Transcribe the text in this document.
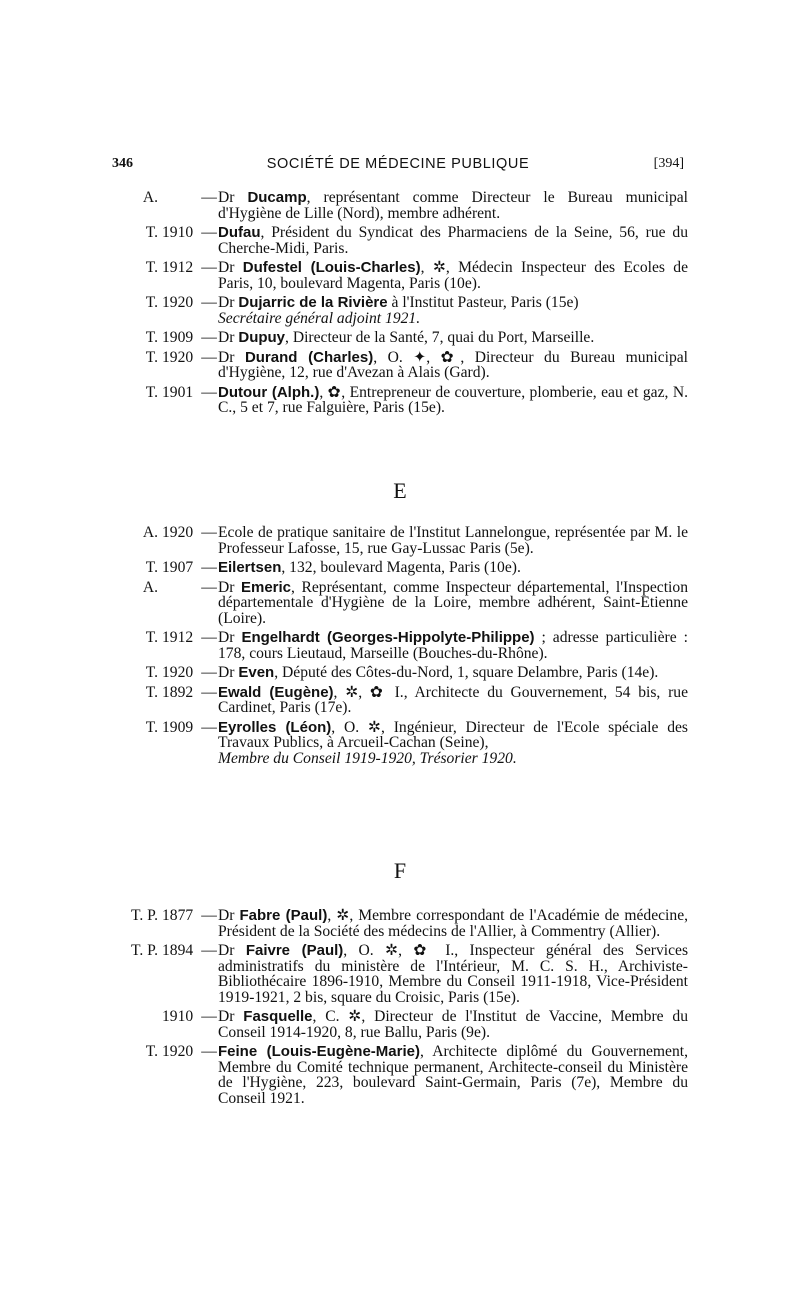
346	SOCIÉTÉ DE MÉDECINE PUBLIQUE	[394]
A.	—Dr Ducamp, représentant comme Directeur le Bureau municipal d'Hygiène de Lille (Nord), membre adhérent.
T. 1910 —Dufau, Président du Syndicat des Pharmaciens de la Seine, 56, rue du Cherche-Midi, Paris.
T. 1912 —Dr Dufestel (Louis-Charles), ✲, Médecin Inspecteur des Ecoles de Paris, 10, boulevard Magenta, Paris (10e).
T. 1920 —Dr Dujarric de la Rivière à l'Institut Pasteur, Paris (15e)
Secrétaire général adjoint 1921.
T. 1909 —Dr Dupuy, Directeur de la Santé, 7, quai du Port, Marseille.
T. 1920 —Dr Durand (Charles), O. ✦, ✿, Directeur du Bureau municipal d'Hygiène, 12, rue d'Avezan à Alais (Gard).
T. 1901 —Dutour (Alph.), ✿, Entrepreneur de couverture, plomberie, eau et gaz, N. C., 5 et 7, rue Falguière, Paris (15e).
E
A. 1920 —Ecole de pratique sanitaire de l'Institut Lannelongue, représentée par M. le Professeur Lafosse, 15, rue Gay-Lussac Paris (5e).
T. 1907 —Eilertsen, 132, boulevard Magenta, Paris (10e).
A.	—Dr Emeric, Représentant, comme Inspecteur départemental, l'Inspection départementale d'Hygiène de la Loire, membre adhérent, Saint-Etienne (Loire).
T. 1912 —Dr Engelhardt (Georges-Hippolyte-Philippe) ; adresse particulière : 178, cours Lieutaud, Marseille (Bouches-du-Rhône).
T. 1920 —Dr Even, Député des Côtes-du-Nord, 1, square Delambre, Paris (14e).
T. 1892 —Ewald (Eugène), ✲, ✿ I., Architecte du Gouvernement, 54 bis, rue Cardinet, Paris (17e).
T. 1909 —Eyrolles (Léon), O. ✲, Ingénieur, Directeur de l'Ecole spéciale des Travaux Publics, à Arcueil-Cachan (Seine),
Membre du Conseil 1919-1920, Trésorier 1920.
F
T. P. 1877 —Dr Fabre (Paul), ✲, Membre correspondant de l'Académie de médecine, Président de la Société des médecins de l'Allier, à Commentry (Allier).
T. P. 1894 —Dr Faivre (Paul), O. ✲, ✿ I., Inspecteur général des Services administratifs du ministère de l'Intérieur, M. C. S. H., Archiviste-Bibliothécaire 1896-1910, Membre du Conseil 1911-1918, Vice-Président 1919-1921, 2 bis, square du Croisic, Paris (15e).
1910 —Dr Fasquelle, C. ✲, Directeur de l'Institut de Vaccine, Membre du Conseil 1914-1920, 8, rue Ballu, Paris (9e).
T. 1920 —Feine (Louis-Eugène-Marie), Architecte diplômé du Gouvernement, Membre du Comité technique permanent, Architecte-conseil du Ministère de l'Hygiène, 223, boulevard Saint-Germain, Paris (7e), Membre du Conseil 1921.
